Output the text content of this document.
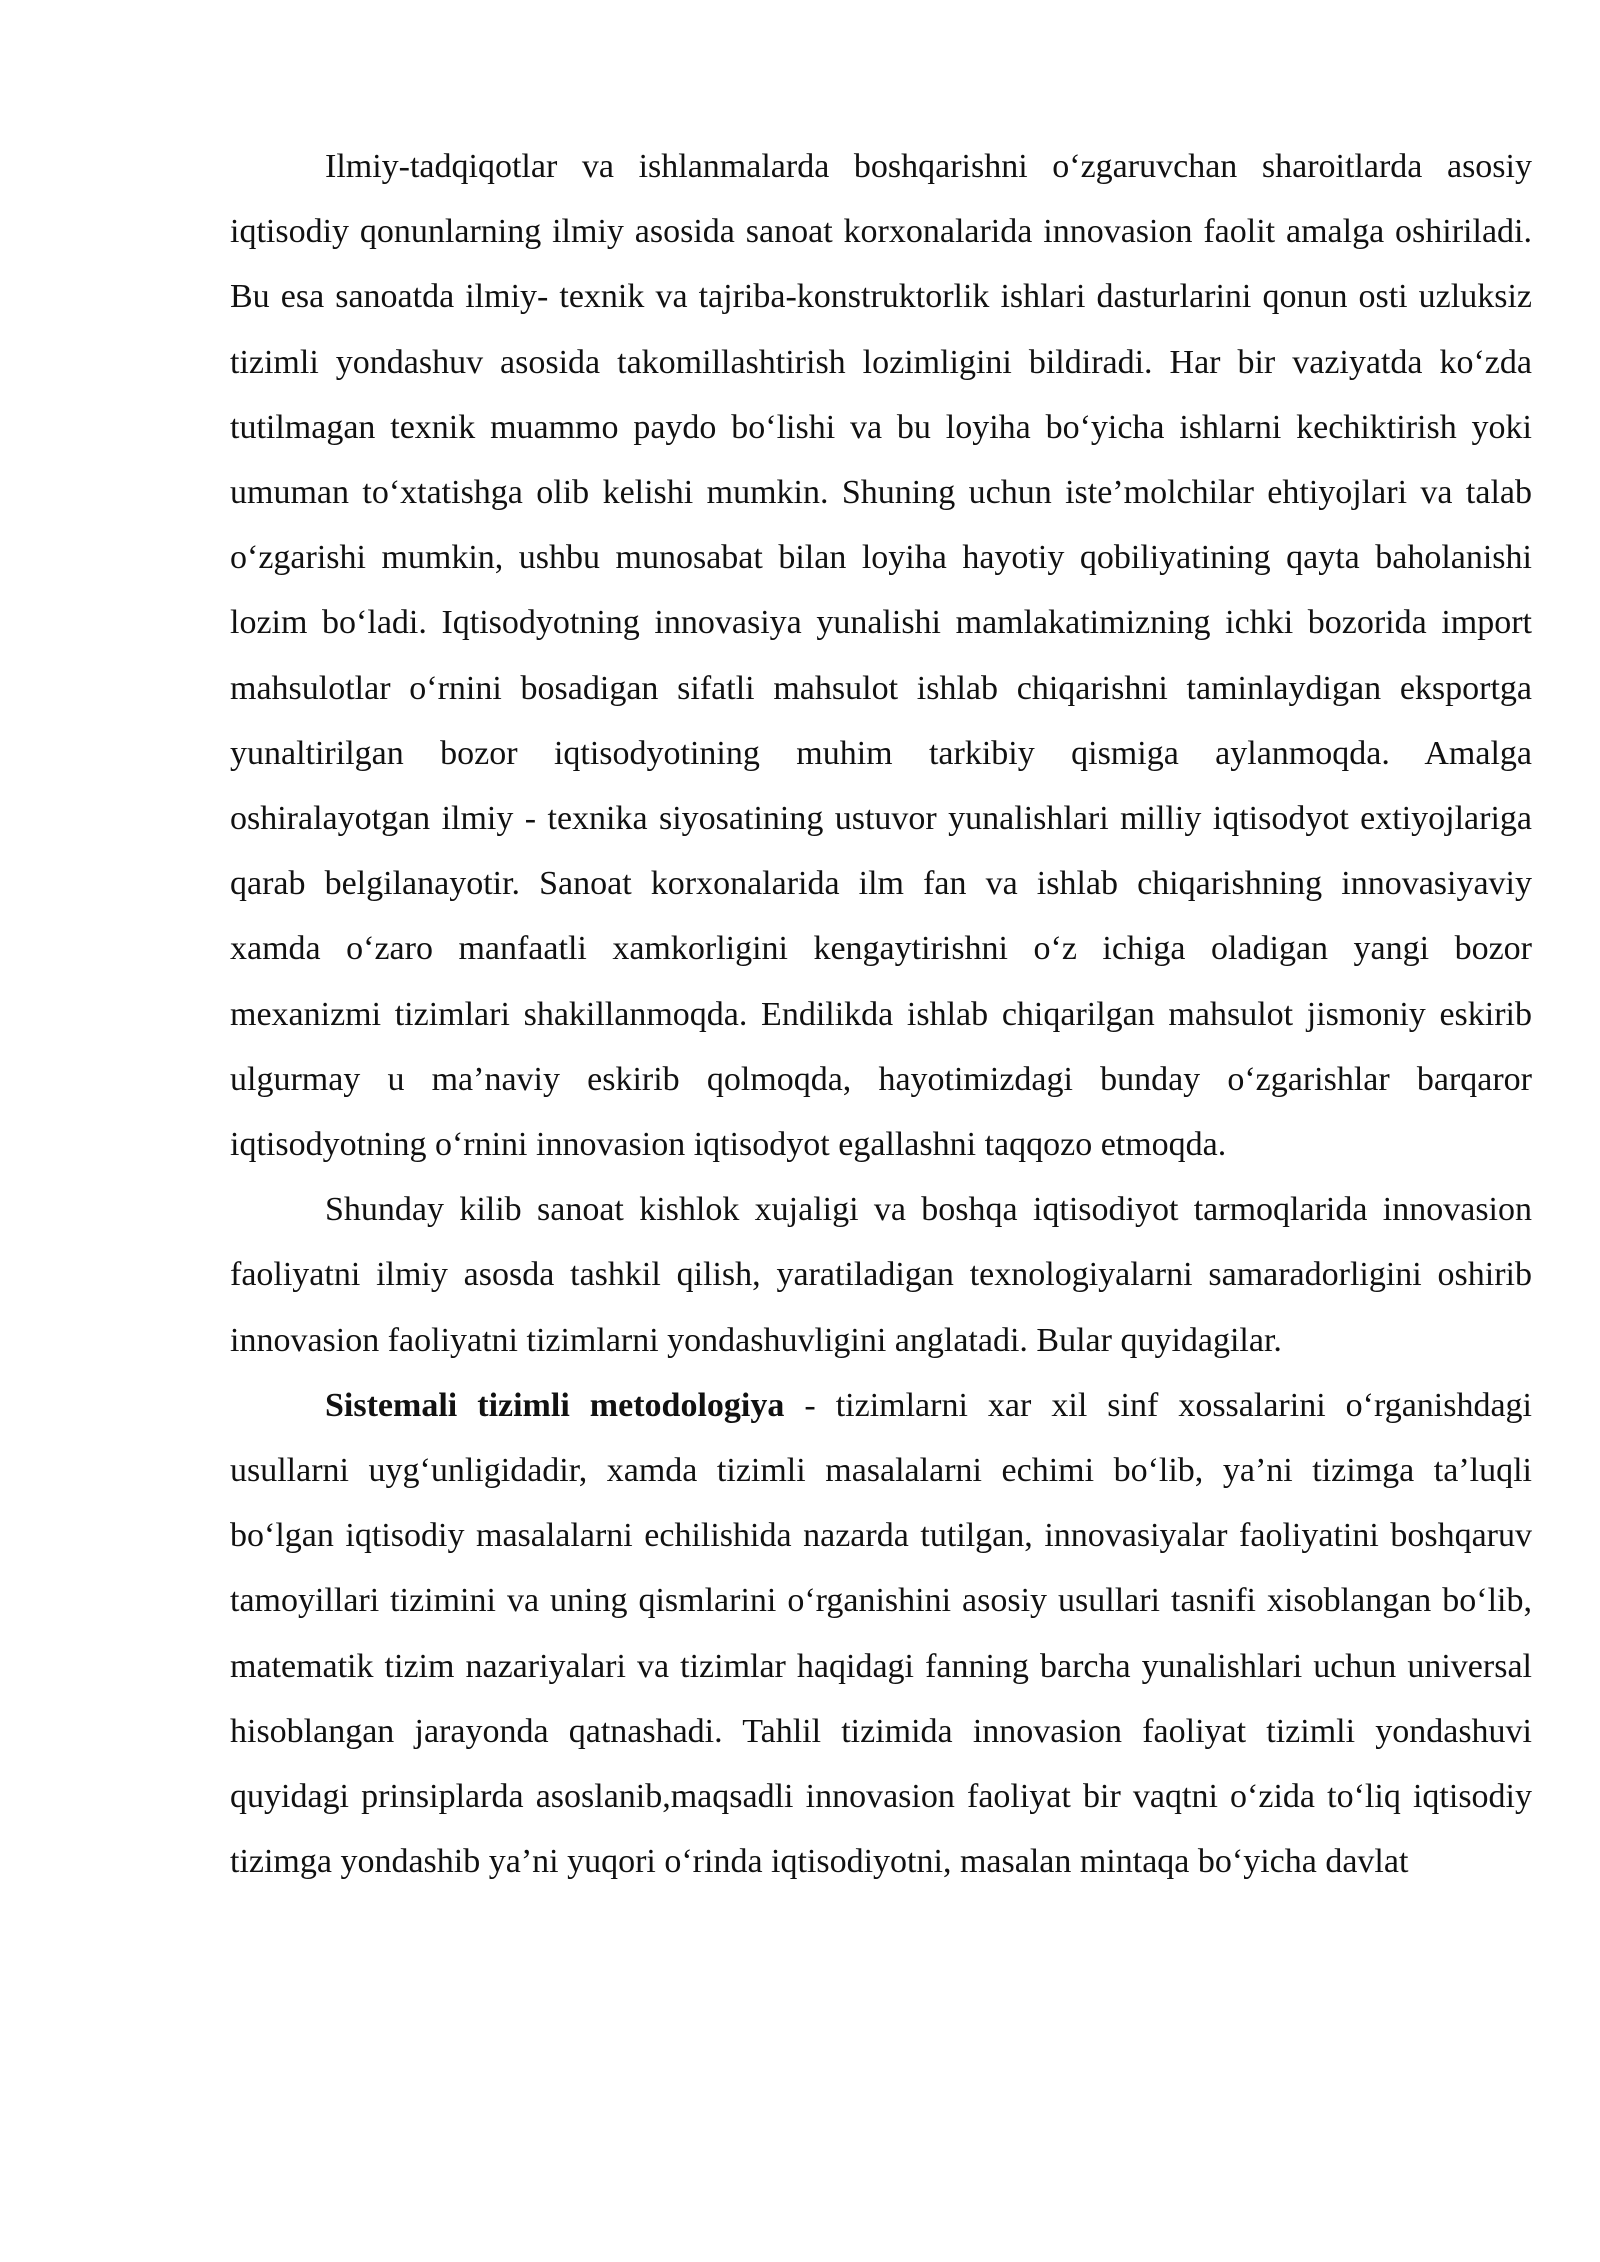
Ilmiy-tadqiqotlar va ishlanmalarda boshqarishni o‘zgaruvchan sharoitlarda asosiy iqtisodiy qonunlarning ilmiy asosida sanoat korxonalarida innovasion faolit amalga oshiriladi. Bu esa sanoatda ilmiy- texnik va tajriba-konstruktorlik ishlari dasturlarini qonun osti uzluksiz tizimli yondashuv asosida takomillashtirish lozimligini bildiradi. Har bir vaziyatda ko‘zda tutilmagan texnik muammo paydo bo‘lishi va bu loyiha bo‘yicha ishlarni kechiktirish yoki umuman to‘xtatishga olib kelishi mumkin. Shuning uchun iste’molchilar ehtiyojlari va talab o‘zgarishi mumkin, ushbu munosabat bilan loyiha hayotiy qobiliyatining qayta baholanishi lozim bo‘ladi. Iqtisodyotning innovasiya yunalishi mamlakatimizning ichki bozorida import mahsulotlar o‘rnini bosadigan sifatli mahsulot ishlab chiqarishni taminlaydigan eksportga yunaltirilgan bozor iqtisodyotining muhim tarkibiy qismiga aylanmoqda. Amalga oshiralayotgan ilmiy - texnika siyosatining ustuvor yunalishlari milliy iqtisodyot extiyojlariga qarab belgilanayotir. Sanoat korxonalarida ilm fan va ishlab chiqarishning innovasiyaviy xamda o‘zaro manfaatli xamkorligini kengaytirishni o‘z ichiga oladigan yangi bozor mexanizmi tizimlari shakillanmoqda. Endilikda ishlab chiqarilgan mahsulot jismoniy eskirib ulgurmay u ma’naviy eskirib qolmoqda, hayotimizdagi bunday o‘zgarishlar barqaror iqtisodyotning o‘rnini innovasion iqtisodyot egallashni taqqozo etmoqda.

Shunday kilib sanoat kishlok xujaligi va boshqa iqtisodiyot tarmoqlarida innovasion faoliyatni ilmiy asosda tashkil qilish, yaratiladigan texnologiyalarni samaradorligini oshirib innovasion faoliyatni tizimlarni yondashuvligini anglatadi. Bular quyidagilar.

Sistemali tizimli metodologiya - tizimlarni xar xil sinf xossalarini o‘rganishdagi usullarni uyg‘unligidadir, xamda tizimli masalalarni echimi bo‘lib, ya’ni tizimga ta’luqli bo‘lgan iqtisodiy masalalarni echilishida nazarda tutilgan, innovasiyalar faoliyatini boshqaruv tamoyillari tizimini va uning qismlarini o‘rganishini asosiy usullari tasnifi xisoblangan bo‘lib, matematik tizim nazariyalari va tizimlar haqidagi fanning barcha yunalishlari uchun universal hisoblangan jarayonda qatnashadi. Tahlil tizimida innovasion faoliyat tizimli yondashuvi quyidagi prinsiplarda asoslanib,maqsadli innovasion faoliyat bir vaqtni o‘zida to‘liq iqtisodiy tizimga yondashib ya’ni yuqori o‘rinda iqtisodiyotni, masalan mintaqa bo‘yicha davlat
